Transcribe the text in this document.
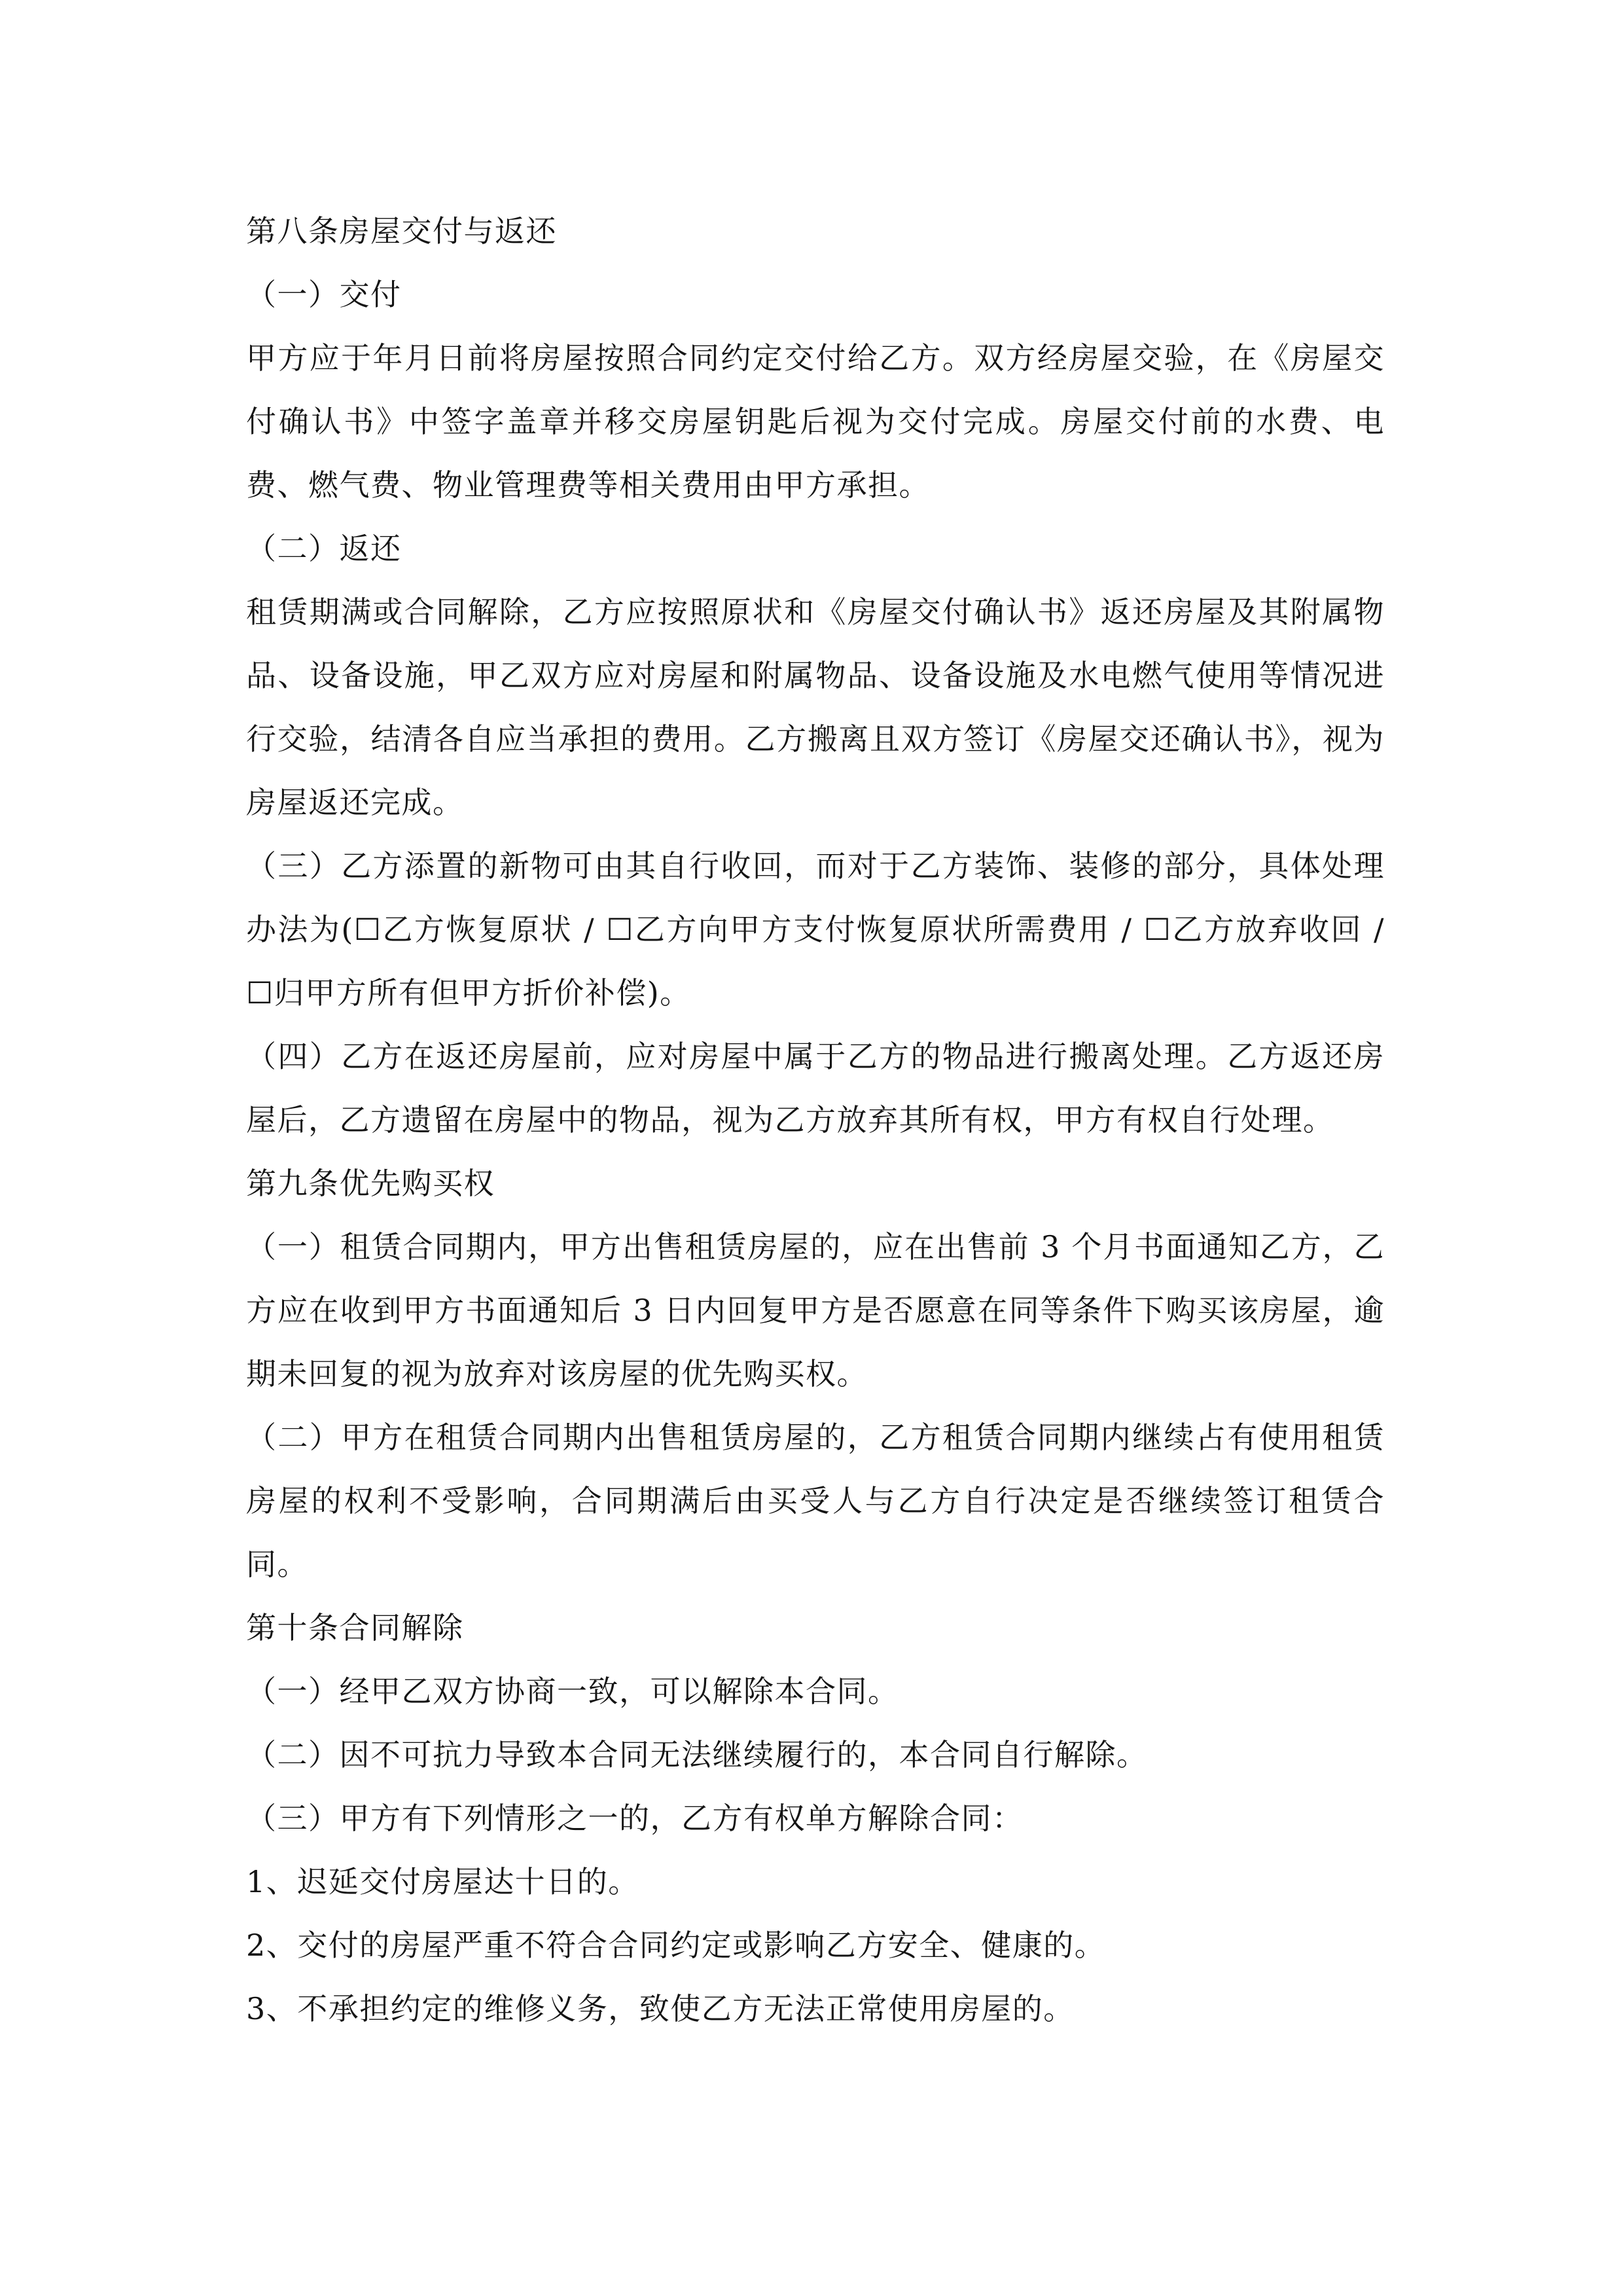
第八条房屋交付与返还

（一）交付

甲方应于年月日前将房屋按照合同约定交付给乙方。双方经房屋交验，在《房屋交付确认书》中签字盖章并移交房屋钥匙后视为交付完成。房屋交付前的水费、电费、燃气费、物业管理费等相关费用由甲方承担。

（二）返还

租赁期满或合同解除，乙方应按照原状和《房屋交付确认书》返还房屋及其附属物品、设备设施，甲乙双方应对房屋和附属物品、设备设施及水电燃气使用等情况进行交验，结清各自应当承担的费用。乙方搬离且双方签订《房屋交还确认书》，视为房屋返还完成。

（三）乙方添置的新物可由其自行收回，而对于乙方装饰、装修的部分，具体处理办法为(☐乙方恢复原状 / ☐乙方向甲方支付恢复原状所需费用 / ☐乙方放弃收回 / ☐归甲方所有但甲方折价补偿)。

（四）乙方在返还房屋前，应对房屋中属于乙方的物品进行搬离处理。乙方返还房屋后，乙方遗留在房屋中的物品，视为乙方放弃其所有权，甲方有权自行处理。

第九条优先购买权

（一）租赁合同期内，甲方出售租赁房屋的，应在出售前 3 个月书面通知乙方，乙方应在收到甲方书面通知后 3 日内回复甲方是否愿意在同等条件下购买该房屋，逾期未回复的视为放弃对该房屋的优先购买权。

（二）甲方在租赁合同期内出售租赁房屋的，乙方租赁合同期内继续占有使用租赁房屋的权利不受影响，合同期满后由买受人与乙方自行决定是否继续签订租赁合同。

第十条合同解除

（一）经甲乙双方协商一致，可以解除本合同。

（二）因不可抗力导致本合同无法继续履行的，本合同自行解除。

（三）甲方有下列情形之一的，乙方有权单方解除合同：

1、迟延交付房屋达十日的。

2、交付的房屋严重不符合合同约定或影响乙方安全、健康的。

3、不承担约定的维修义务，致使乙方无法正常使用房屋的。
